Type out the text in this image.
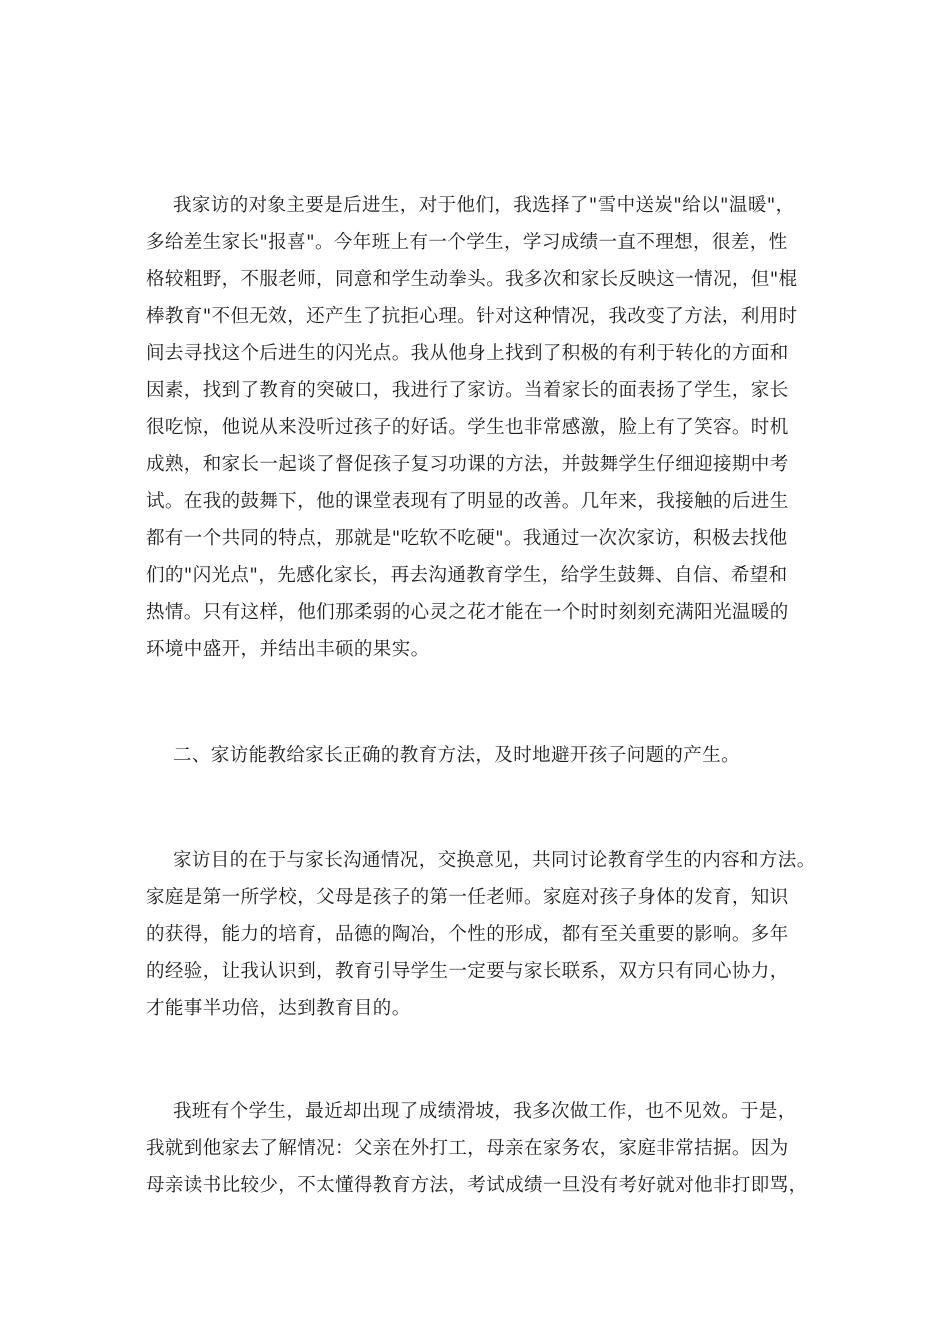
我家访的对象主要是后进生，对于他们，我选择了"雪中送炭"给以"温暖"，
多给差生家长"报喜"。今年班上有一个学生，学习成绩一直不理想，很差，性
格较粗野，不服老师，同意和学生动拳头。我多次和家长反映这一情况，但"棍
棒教育"不但无效，还产生了抗拒心理。针对这种情况，我改变了方法，利用时
间去寻找这个后进生的闪光点。我从他身上找到了积极的有利于转化的方面和
因素，找到了教育的突破口，我进行了家访。当着家长的面表扬了学生，家长
很吃惊，他说从来没听过孩子的好话。学生也非常感激，脸上有了笑容。时机
成熟，和家长一起谈了督促孩子复习功课的方法，并鼓舞学生仔细迎接期中考
试。在我的鼓舞下，他的课堂表现有了明显的改善。几年来，我接触的后进生
都有一个共同的特点，那就是"吃软不吃硬"。我通过一次次家访，积极去找他
们的"闪光点"，先感化家长，再去沟通教育学生，给学生鼓舞、自信、希望和
热情。只有这样，他们那柔弱的心灵之花才能在一个时时刻刻充满阳光温暖的
环境中盛开，并结出丰硕的果实。
二、家访能教给家长正确的教育方法，及时地避开孩子问题的产生。
家访目的在于与家长沟通情况，交换意见，共同讨论教育学生的内容和方法。
家庭是第一所学校，父母是孩子的第一任老师。家庭对孩子身体的发育，知识
的获得，能力的培育，品德的陶冶，个性的形成，都有至关重要的影响。多年
的经验，让我认识到，教育引导学生一定要与家长联系，双方只有同心协力，
才能事半功倍，达到教育目的。
我班有个学生，最近却出现了成绩滑坡，我多次做工作，也不见效。于是，
我就到他家去了解情况：父亲在外打工，母亲在家务农，家庭非常拮据。因为
母亲读书比较少，不太懂得教育方法，考试成绩一旦没有考好就对他非打即骂，
